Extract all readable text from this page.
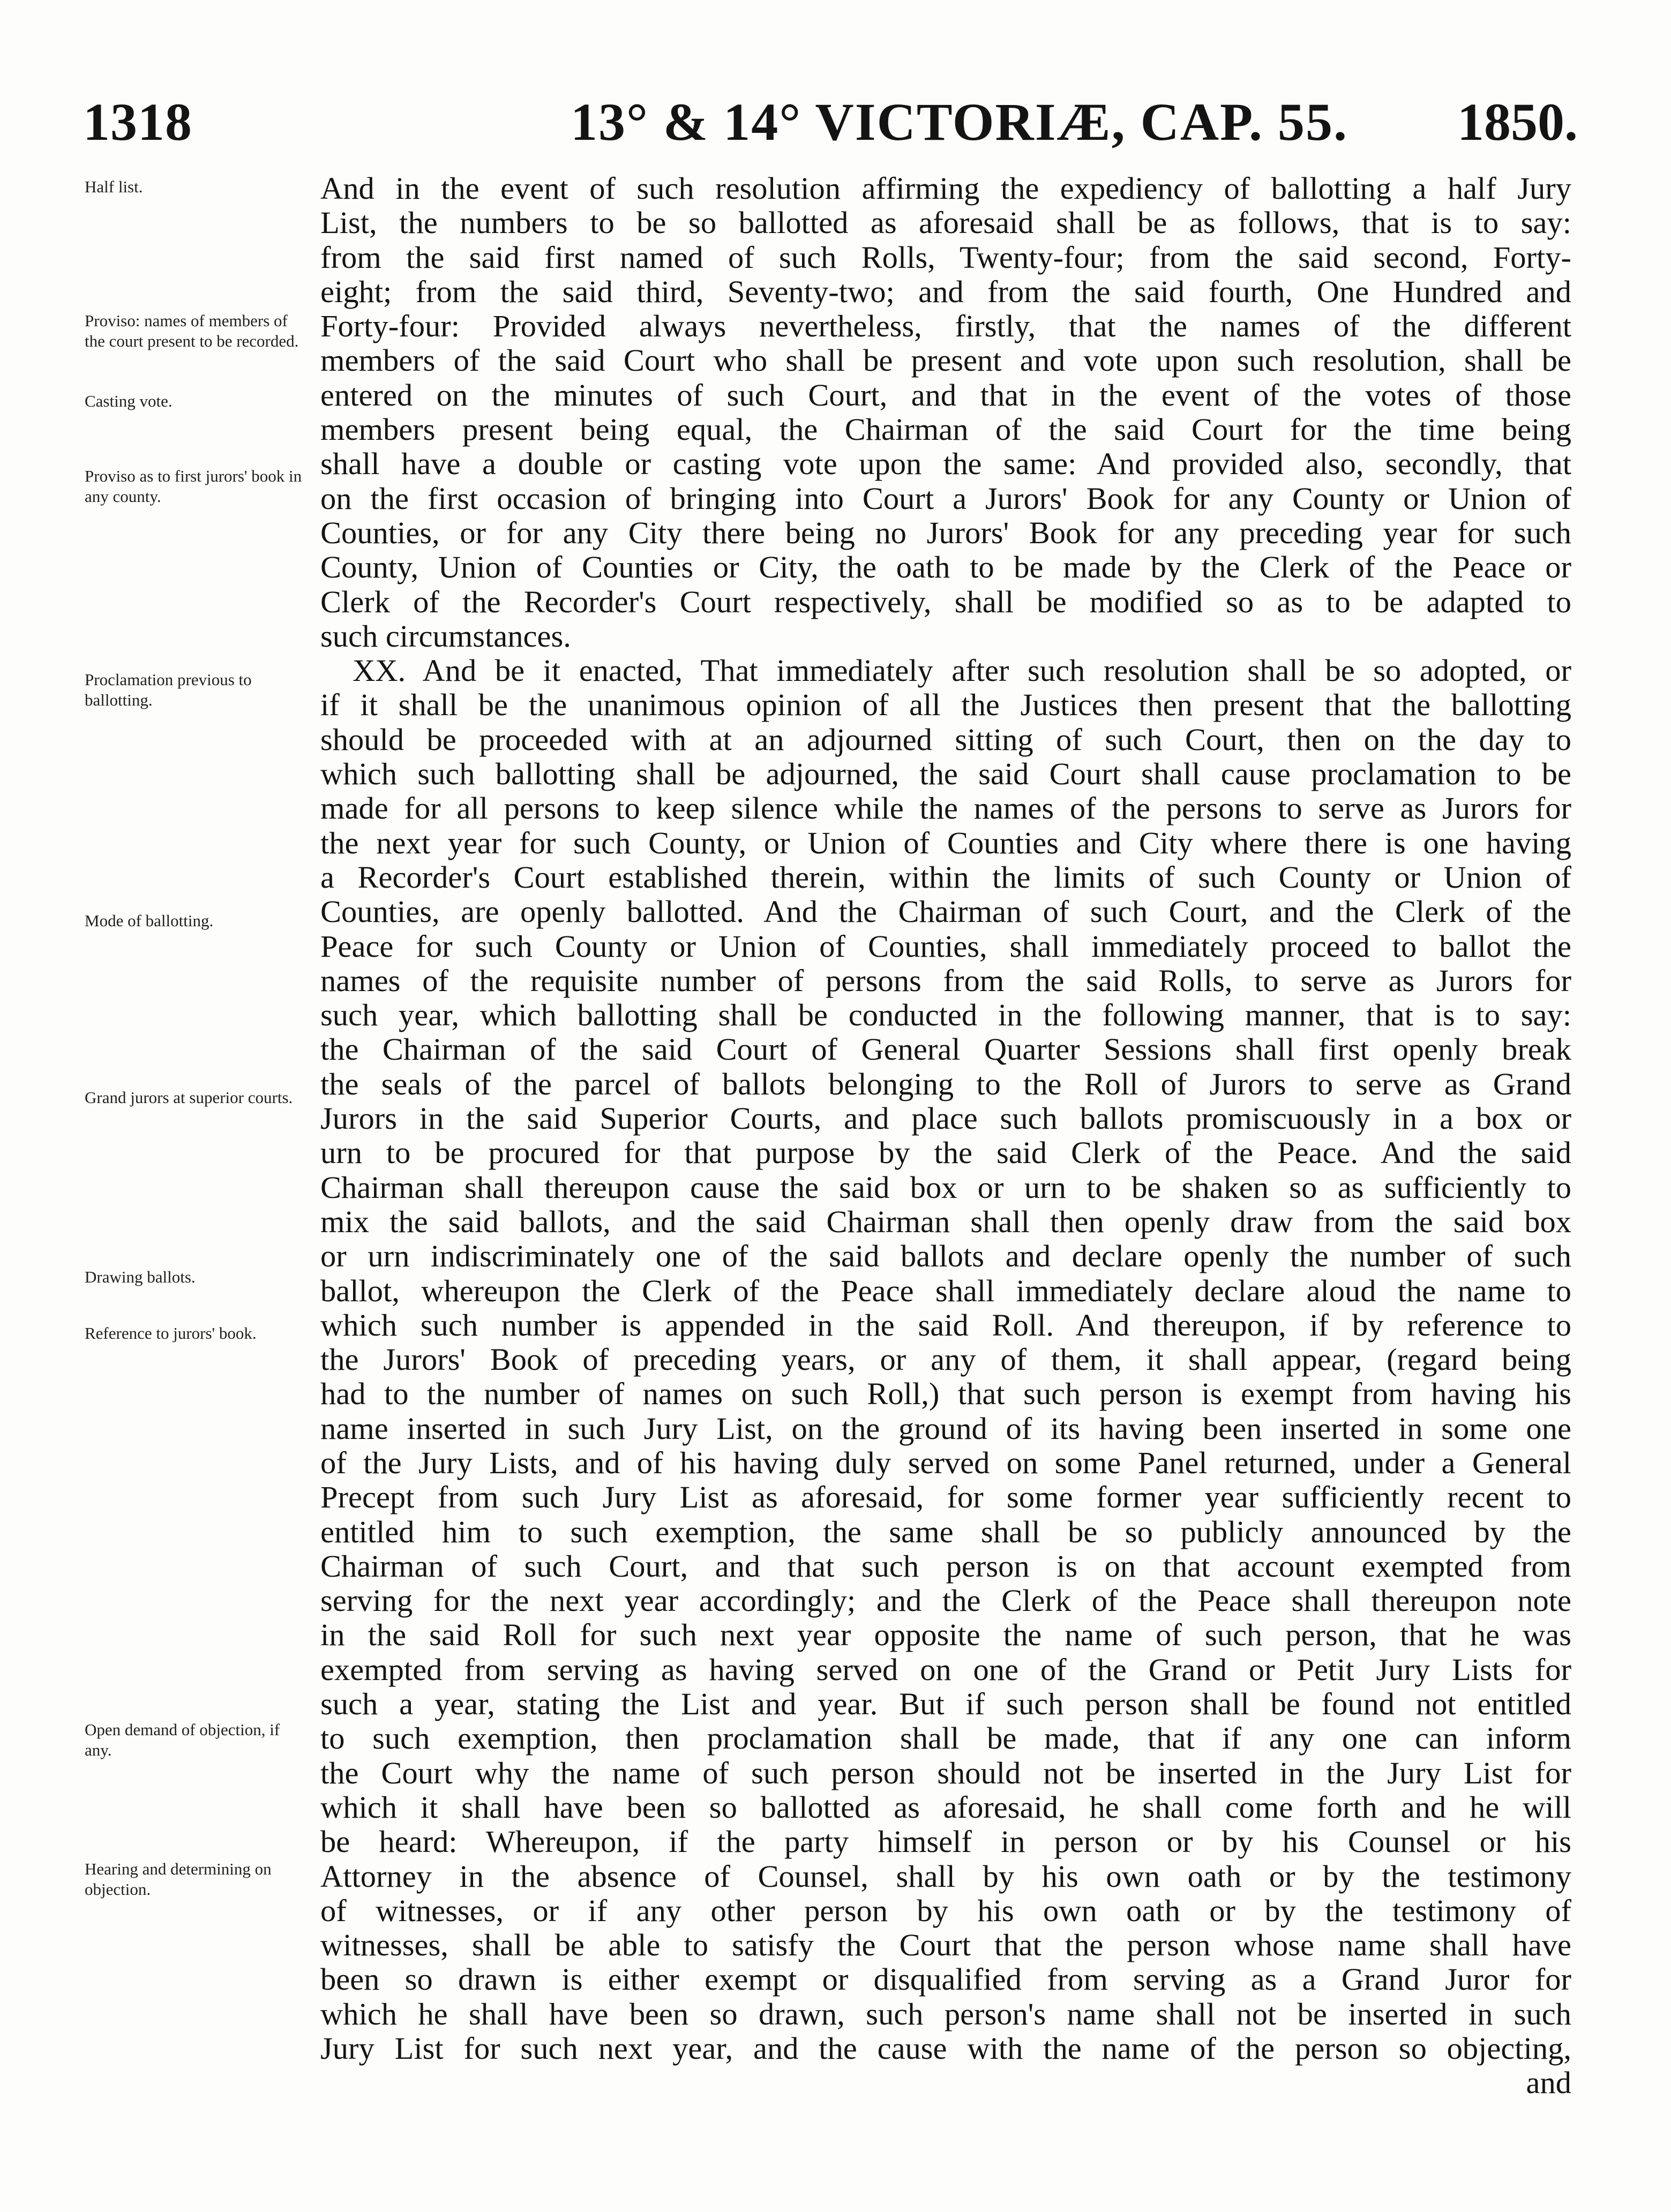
1318	13° & 14° VICTORIÆ, CAP. 55. 1850.
Half list.
Proviso: names of members of the court present to be recorded.
Casting vote.
Proviso as to first jurors' book in any county.
Proclamation previous to ballotting.
Mode of ballotting.
Grand jurors at superior courts.
Drawing ballots.
Reference to jurors' book.
Open demand of objection, if any.
Hearing and determining on objection.
And in the event of such resolution affirming the expediency of ballotting a half Jury
List, the numbers to be so ballotted as aforesaid shall be as follows, that is to say:
from the said first named of such Rolls, Twenty-four; from the said second, Forty-
eight; from the said third, Seventy-two; and from the said fourth, One Hundred and
Forty-four: Provided always nevertheless, firstly, that the names of the different
members of the said Court who shall be present and vote upon such resolution, shall be
entered on the minutes of such Court, and that in the event of the votes of those
members present being equal, the Chairman of the said Court for the time being
shall have a double or casting vote upon the same: And provided also, secondly, that
on the first occasion of bringing into Court a Jurors' Book for any County or Union of
Counties, or for any City there being no Jurors' Book for any preceding year for such
County, Union of Counties or City, the oath to be made by the Clerk of the Peace or
Clerk of the Recorder's Court respectively, shall be modified so as to be adapted to
such circumstances.
XX. And be it enacted, That immediately after such resolution shall be so adopted, or
if it shall be the unanimous opinion of all the Justices then present that the ballotting
should be proceeded with at an adjourned sitting of such Court, then on the day to
which such ballotting shall be adjourned, the said Court shall cause proclamation to be
made for all persons to keep silence while the names of the persons to serve as Jurors for
the next year for such County, or Union of Counties and City where there is one having
a Recorder's Court established therein, within the limits of such County or Union of
Counties, are openly ballotted. And the Chairman of such Court, and the Clerk of the
Peace for such County or Union of Counties, shall immediately proceed to ballot the
names of the requisite number of persons from the said Rolls, to serve as Jurors for
such year, which ballotting shall be conducted in the following manner, that is to say:
the Chairman of the said Court of General Quarter Sessions shall first openly break
the seals of the parcel of ballots belonging to the Roll of Jurors to serve as Grand
Jurors in the said Superior Courts, and place such ballots promiscuously in a box or
urn to be procured for that purpose by the said Clerk of the Peace. And the said
Chairman shall thereupon cause the said box or urn to be shaken so as sufficiently to
mix the said ballots, and the said Chairman shall then openly draw from the said box
or urn indiscriminately one of the said ballots and declare openly the number of such
ballot, whereupon the Clerk of the Peace shall immediately declare aloud the name to
which such number is appended in the said Roll. And thereupon, if by reference to
the Jurors' Book of preceding years, or any of them, it shall appear, (regard being
had to the number of names on such Roll,) that such person is exempt from having his
name inserted in such Jury List, on the ground of its having been inserted in some one
of the Jury Lists, and of his having duly served on some Panel returned, under a General
Precept from such Jury List as aforesaid, for some former year sufficiently recent to
entitled him to such exemption, the same shall be so publicly announced by the
Chairman of such Court, and that such person is on that account exempted from
serving for the next year accordingly; and the Clerk of the Peace shall thereupon note
in the said Roll for such next year opposite the name of such person, that he was
exempted from serving as having served on one of the Grand or Petit Jury Lists for
such a year, stating the List and year. But if such person shall be found not entitled
to such exemption, then proclamation shall be made, that if any one can inform
the Court why the name of such person should not be inserted in the Jury List for
which it shall have been so ballotted as aforesaid, he shall come forth and he will
be heard: Whereupon, if the party himself in person or by his Counsel or his
Attorney in the absence of Counsel, shall by his own oath or by the testimony
of witnesses, or if any other person by his own oath or by the testimony of
witnesses, shall be able to satisfy the Court that the person whose name shall have
been so drawn is either exempt or disqualified from serving as a Grand Juror for
which he shall have been so drawn, such person's name shall not be inserted in such
Jury List for such next year, and the cause with the name of the person so objecting,
and
